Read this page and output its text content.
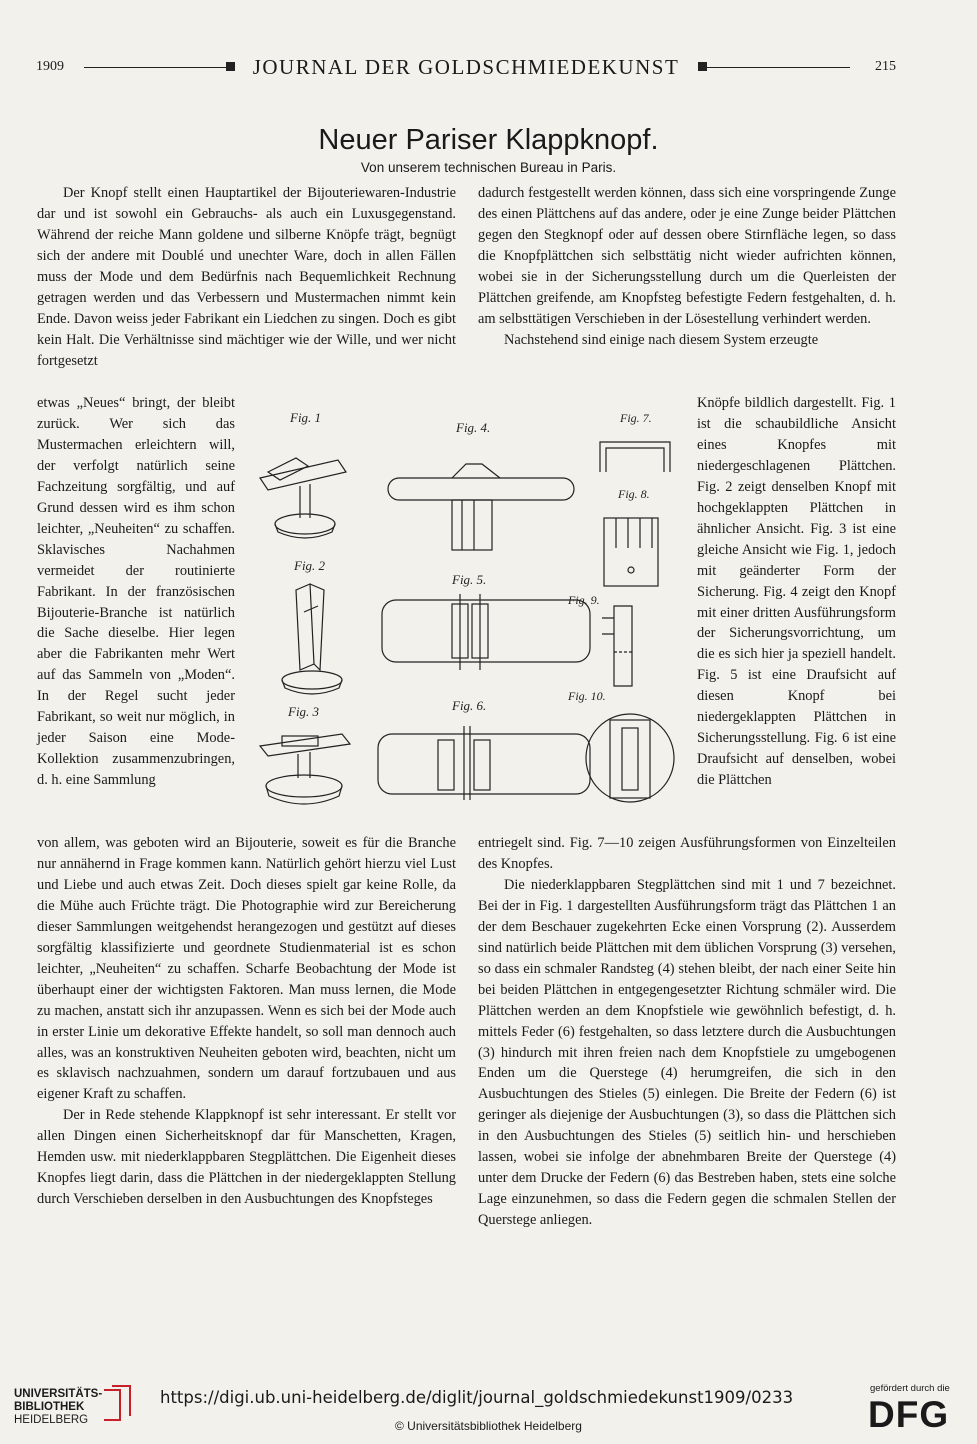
1909	JOURNAL DER GOLDSCHMIEDEKUNST	215
Neuer Pariser Klappknopf.
Von unserem technischen Bureau in Paris.

Der Knopf stellt einen Hauptartikel der Bijouteriewaren-Industrie dar und ist sowohl ein Gebrauchs- als auch ein Luxusgegenstand. Während der reiche Mann goldene und silberne Knöpfe trägt, begnügt sich der andere mit Doublé und unechter Ware, doch in allen Fällen muss der Mode und dem Bedürfnis nach Bequemlichkeit Rechnung getragen werden und das Verbessern und Mustermachen nimmt kein Ende. Davon weiss jeder Fabrikant ein Liedchen zu singen. Doch es gibt kein Halt. Die Verhältnisse sind mächtiger wie der Wille, und wer nicht fortgesetzt

etwas „Neues“ bringt, der bleibt zurück. Wer sich das Mustermachen erleichtern will, der verfolgt natürlich seine Fachzeitung sorgfältig, und auf Grund dessen wird es ihm schon leichter, „Neuheiten“ zu schaffen. Sklavisches Nachahmen vermeidet der routinierte Fabrikant. In der französischen Bijouterie-Branche ist natürlich die Sache dieselbe. Hier legen aber die Fabrikanten mehr Wert auf das Sammeln von „Moden“. In der Regel sucht jeder Fabrikant, so weit nur möglich, in jeder Saison eine Mode-Kollektion zusammenzubringen, d. h. eine Sammlung

von allem, was geboten wird an Bijouterie, soweit es für die Branche nur annähernd in Frage kommen kann. Natürlich gehört hierzu viel Lust und Liebe und auch etwas Zeit. Doch dieses spielt gar keine Rolle, da die Mühe auch Früchte trägt. Die Photographie wird zur Bereicherung dieser Sammlungen weitgehendst herangezogen und gestützt auf dieses sorgfältig klassifizierte und geordnete Studienmaterial ist es schon leichter, „Neuheiten“ zu schaffen. Scharfe Beobachtung der Mode ist überhaupt einer der wichtigsten Faktoren. Man muss lernen, die Mode zu machen, anstatt sich ihr anzupassen. Wenn es sich bei der Mode auch in erster Linie um dekorative Effekte handelt, so soll man dennoch auch alles, was an konstruktiven Neuheiten geboten wird, beachten, nicht um es sklavisch nachzuahmen, sondern um darauf fortzubauen und aus eigener Kraft zu schaffen.

Der in Rede stehende Klappknopf ist sehr interessant. Er stellt vor allen Dingen einen Sicherheitsknopf dar für Manschetten, Kragen, Hemden usw. mit niederklappbaren Stegplättchen. Die Eigenheit dieses Knopfes liegt darin, dass die Plättchen in der niedergeklappten Stellung durch Verschieben derselben in den Ausbuchtungen des Knopfsteges

dadurch festgestellt werden können, dass sich eine vorspringende Zunge des einen Plättchens auf das andere, oder je eine Zunge beider Plättchen gegen den Stegknopf oder auf dessen obere Stirnfläche legen, so dass die Knopfplättchen sich selbsttätig nicht wieder aufrichten können, wobei sie in der Sicherungsstellung durch um die Querleisten der Plättchen greifende, am Knopfsteg befestigte Federn festgehalten, d. h. am selbsttätigen Verschieben in der Lösestellung verhindert werden.

Nachstehend sind einige nach diesem System erzeugte

Knöpfe bildlich dargestellt. Fig. 1 ist die schaubildliche Ansicht eines Knopfes mit niedergeschlagenen Plättchen. Fig. 2 zeigt denselben Knopf mit hochgeklappten Plättchen in ähnlicher Ansicht. Fig. 3 ist eine gleiche Ansicht wie Fig. 1, jedoch mit geänderter Form der Sicherung. Fig. 4 zeigt den Knopf mit einer dritten Ausführungsform der Sicherungsvorrichtung, um die es sich hier ja speziell handelt. Fig. 5 ist eine Draufsicht auf diesen Knopf bei niedergeklappten Plättchen in Sicherungsstellung. Fig. 6 ist eine Draufsicht auf denselben, wobei die Plättchen

entriegelt sind. Fig. 7—10 zeigen Ausführungsformen von Einzelteilen des Knopfes.

Die niederklappbaren Stegplättchen sind mit 1 und 7 bezeichnet. Bei der in Fig. 1 dargestellten Ausführungsform trägt das Plättchen 1 an der dem Beschauer zugekehrten Ecke einen Vorsprung (2). Ausserdem sind natürlich beide Plättchen mit dem üblichen Vorsprung (3) versehen, so dass ein schmaler Randsteg (4) stehen bleibt, der nach einer Seite hin bei beiden Plättchen in entgegengesetzter Richtung schmäler wird. Die Plättchen werden an dem Knopfstiele wie gewöhnlich befestigt, d. h. mittels Feder (6) festgehalten, so dass letztere durch die Ausbuchtungen (3) hindurch mit ihren freien nach dem Knopfstiele zu umgebogenen Enden um die Querstege (4) herumgreifen, die sich in den Ausbuchtungen des Stieles (5) einlegen. Die Breite der Federn (6) ist geringer als diejenige der Ausbuchtungen (3), so dass die Plättchen sich in den Ausbuchtungen des Stieles (5) seitlich hin- und herschieben lassen, wobei sie infolge der abnehmbaren Breite der Querstege (4) unter dem Drucke der Federn (6) das Bestreben haben, stets eine solche Lage einzunehmen, so dass die Federn gegen die schmalen Stellen der Querstege anliegen.

Fig. 1
Fig. 2
Fig. 3
Fig. 4.
Fig. 5.
Fig. 6.
Fig. 7.
Fig. 8.
Fig. 9.
Fig. 10.
UNIVERSITÄTS-
BIBLIOTHEK
HEIDELBERG
https://digi.ub.uni-heidelberg.de/diglit/journal_goldschmiedekunst1909/0233
© Universitätsbibliothek Heidelberg
gefördert durch die
DFG
